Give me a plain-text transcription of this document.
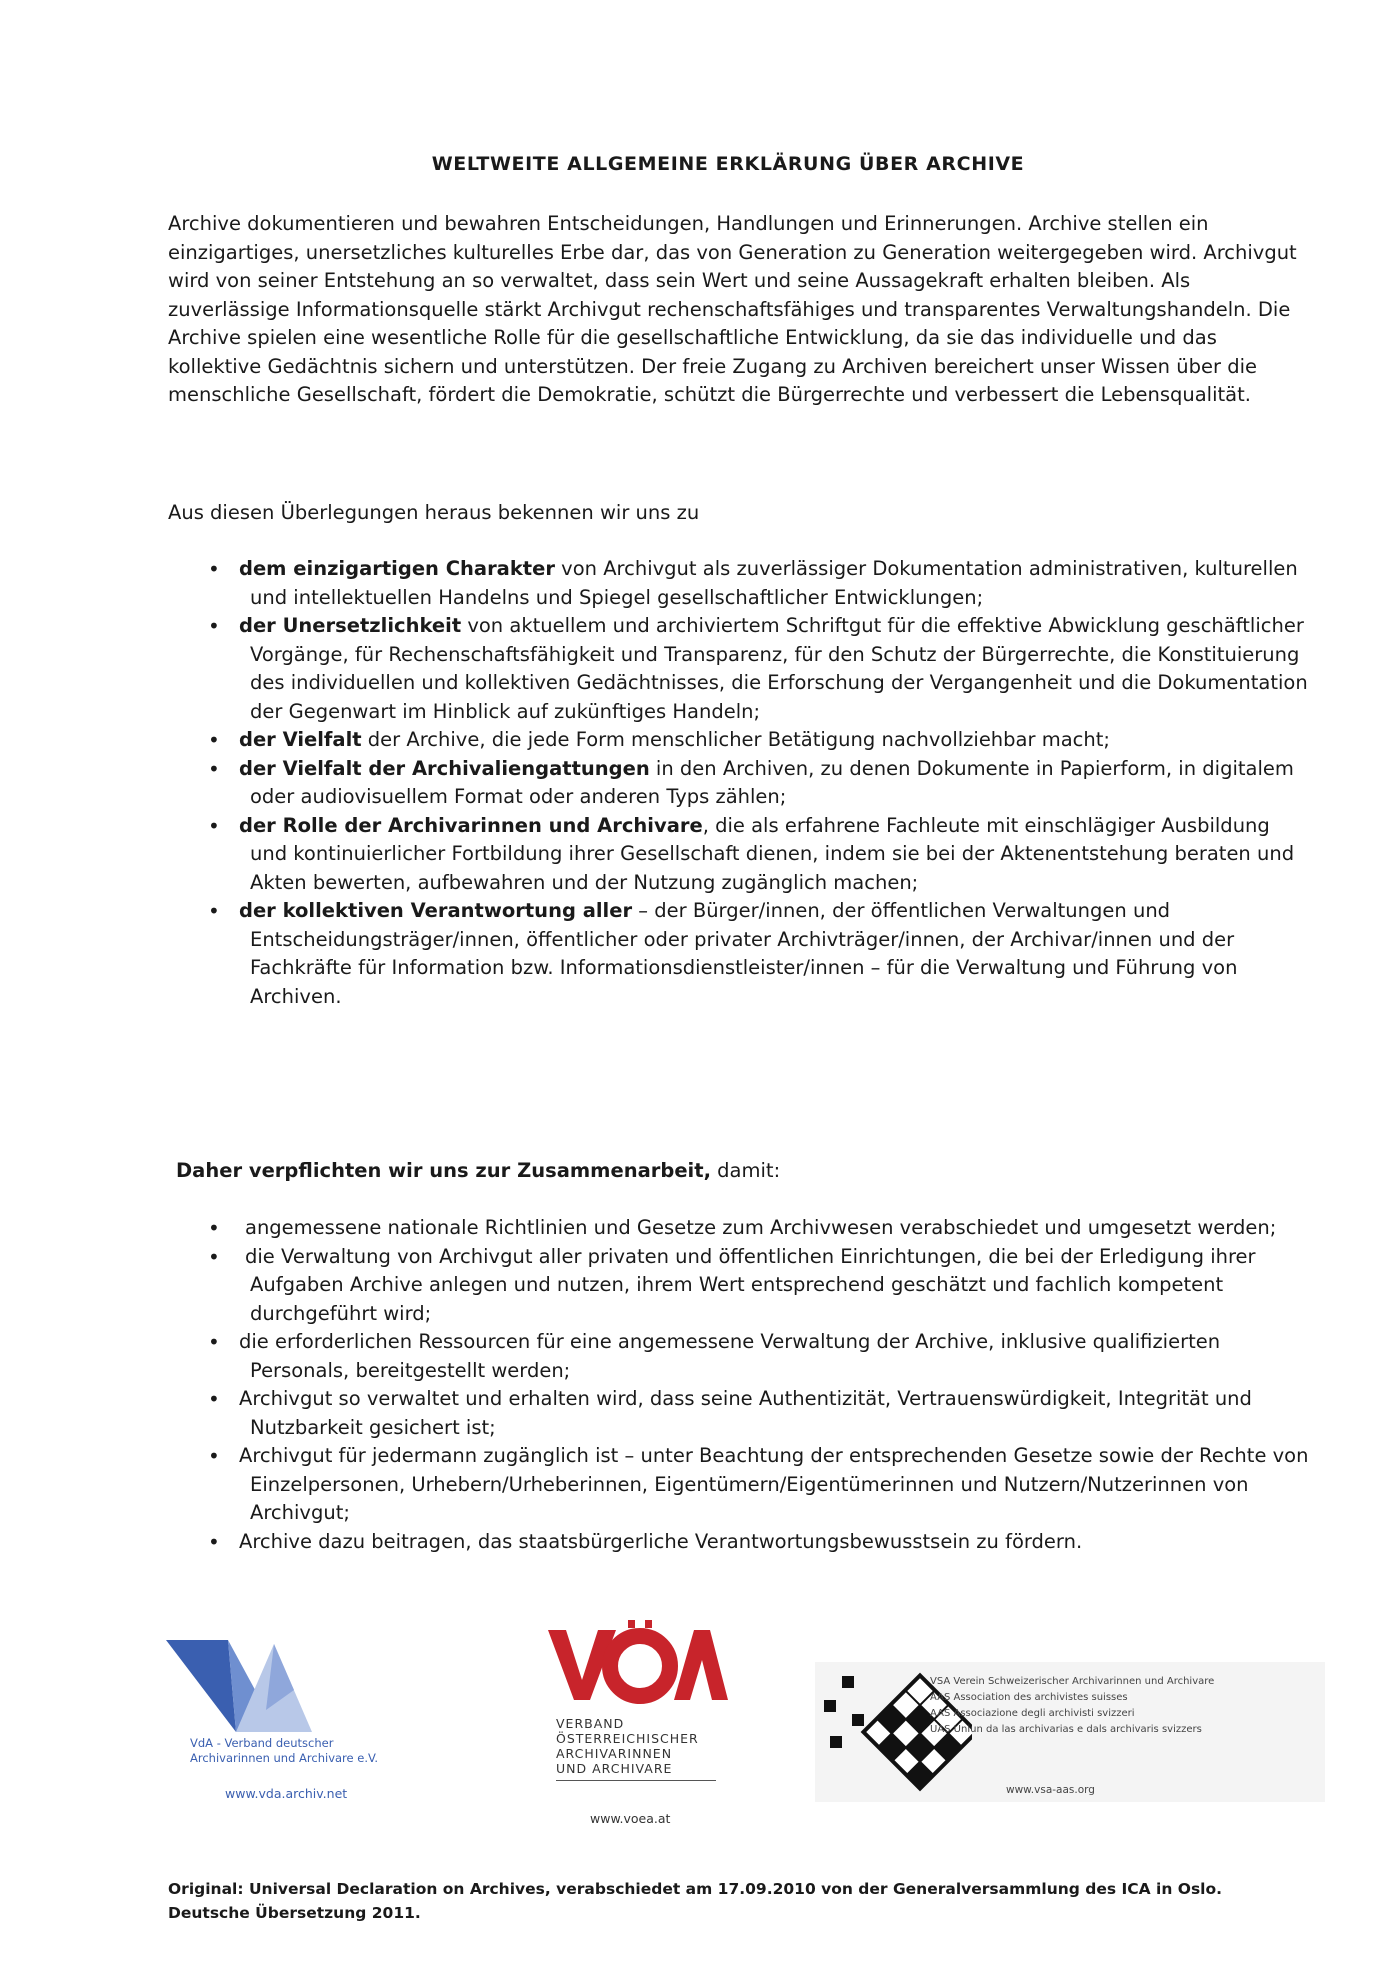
WELTWEITE ALLGEMEINE ERKLÄRUNG ÜBER ARCHIVE
Archive dokumentieren und bewahren Entscheidungen, Handlungen und Erinnerungen. Archive stellen ein einzigartiges, unersetzliches kulturelles Erbe dar, das von Generation zu Generation weitergegeben wird. Archivgut wird von seiner Entstehung an so verwaltet, dass sein Wert und seine Aussagekraft erhalten bleiben. Als zuverlässige Informationsquelle stärkt Archivgut rechenschaftsfähiges und transparentes Verwaltungshandeln. Die Archive spielen eine wesentliche Rolle für die gesellschaftliche Entwicklung, da sie das individuelle und das kollektive Gedächtnis sichern und unterstützen. Der freie Zugang zu Archiven bereichert unser Wissen über die menschliche Gesellschaft, fördert die Demokratie, schützt die Bürgerrechte und verbessert die Lebensqualität.
Aus diesen Überlegungen heraus bekennen wir uns zu
• dem einzigartigen Charakter von Archivgut als zuverlässiger Dokumentation administrativen, kulturellen und intellektuellen Handelns und Spiegel gesellschaftlicher Entwicklungen;
• der Unersetzlichkeit von aktuellem und archiviertem Schriftgut für die effektive Abwicklung geschäftlicher Vorgänge, für Rechenschaftsfähigkeit und Transparenz, für den Schutz der Bürgerrechte, die Konstituierung des individuellen und kollektiven Gedächtnisses, die Erforschung der Vergangenheit und die Dokumentation der Gegenwart im Hinblick auf zukünftiges Handeln;
• der Vielfalt der Archive, die jede Form menschlicher Betätigung nachvollziehbar macht;
• der Vielfalt der Archivaliengattungen in den Archiven, zu denen Dokumente in Papierform, in digitalem oder audiovisuellem Format oder anderen Typs zählen;
• der Rolle der Archivarinnen und Archivare, die als erfahrene Fachleute mit einschlägiger Ausbildung und kontinuierlicher Fortbildung ihrer Gesellschaft dienen, indem sie bei der Aktenentstehung beraten und Akten bewerten, aufbewahren und der Nutzung zugänglich machen;
• der kollektiven Verantwortung aller – der Bürger/innen, der öffentlichen Verwaltungen und Entscheidungsträger/innen, öffentlicher oder privater Archivträger/innen, der Archivar/innen und der Fachkräfte für Information bzw. Informationsdienstleister/innen – für die Verwaltung und Führung von Archiven.
Daher verpflichten wir uns zur Zusammenarbeit, damit:
• angemessene nationale Richtlinien und Gesetze zum Archivwesen verabschiedet und umgesetzt werden;
• die Verwaltung von Archivgut aller privaten und öffentlichen Einrichtungen, die bei der Erledigung ihrer Aufgaben Archive anlegen und nutzen, ihrem Wert entsprechend geschätzt und fachlich kompetent durchgeführt wird;
• die erforderlichen Ressourcen für eine angemessene Verwaltung der Archive, inklusive qualifizierten Personals, bereitgestellt werden;
• Archivgut so verwaltet und erhalten wird, dass seine Authentizität, Vertrauenswürdigkeit, Integrität und Nutzbarkeit gesichert ist;
• Archivgut für jedermann zugänglich ist – unter Beachtung der entsprechenden Gesetze sowie der Rechte von Einzelpersonen, Urhebern/Urheberinnen, Eigentümern/Eigentümerinnen und Nutzern/Nutzerinnen von Archivgut;
• Archive dazu beitragen, das staatsbürgerliche Verantwortungsbewusstsein zu fördern.
VdA - Verband deutscher
Archivarinnen und Archivare e.V.
www.vda.archiv.net
VERBAND
ÖSTERREICHISCHER
ARCHIVARINNEN
UND ARCHIVARE
www.voea.at
VSA Verein Schweizerischer Archivarinnen und Archivare
AAS Association des archivistes suisses
AAS Associazione degli archivisti svizzeri
UAS Uniun da las archivarias e dals archivaris svizzers
www.vsa-aas.org
Original: Universal Declaration on Archives, verabschiedet am 17.09.2010 von der Generalversammlung des ICA in Oslo.
Deutsche Übersetzung 2011.
